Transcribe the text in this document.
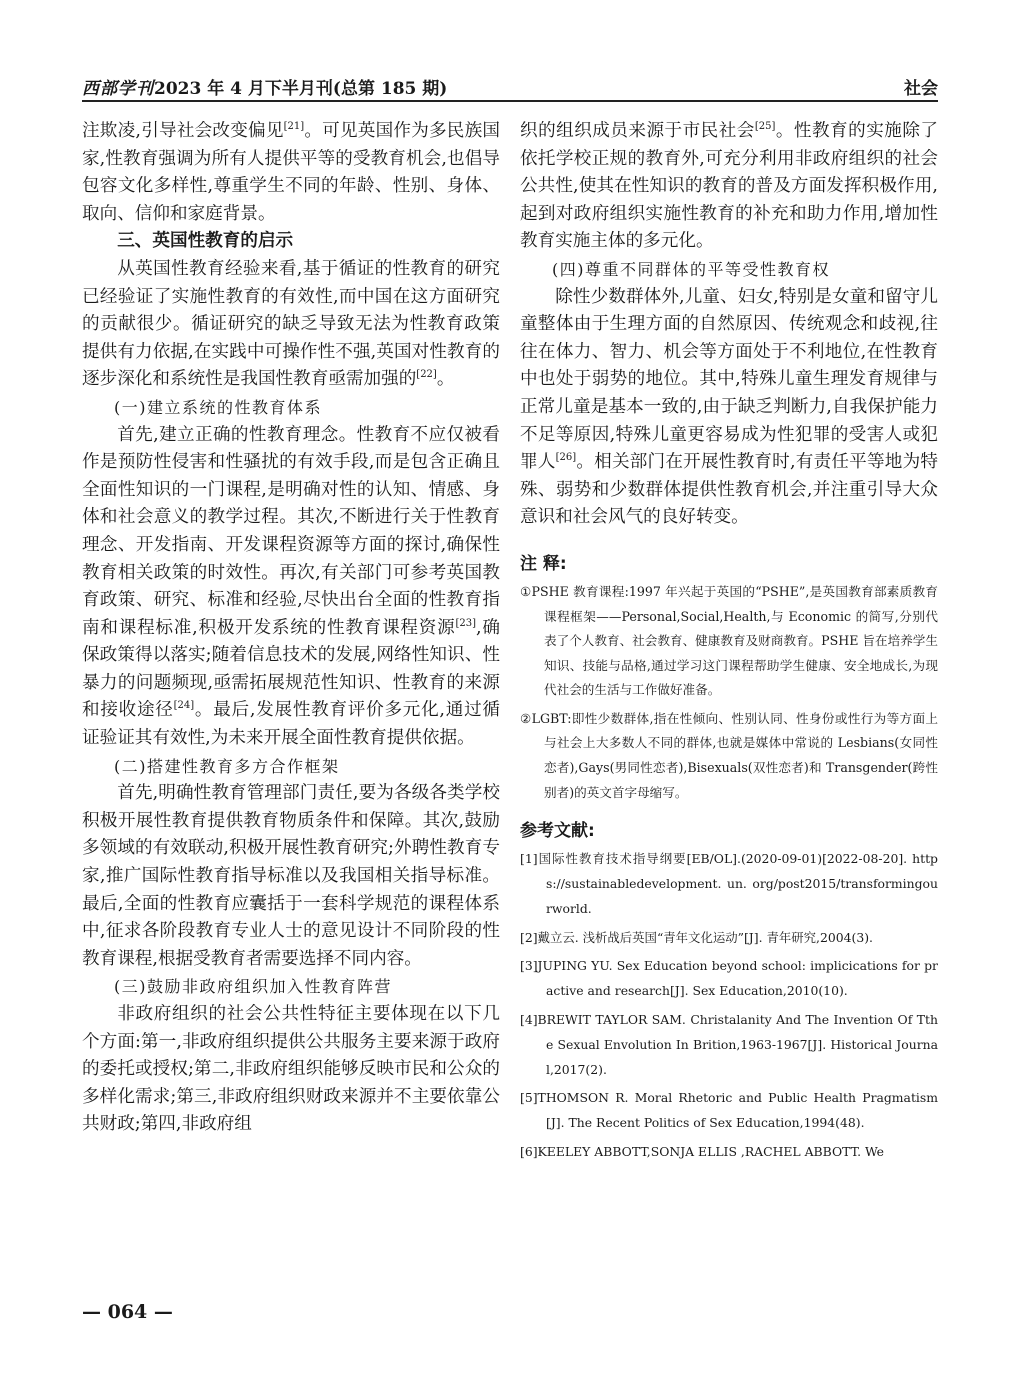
西部学刊 2023 年 4 月下半月刊(总第 185 期)	社会

注欺凌,引导社会改变偏见[21]。可见英国作为多民族国家,性教育强调为所有人提供平等的受教育机会,也倡导包容文化多样性,尊重学生不同的年龄、性别、身体、取向、信仰和家庭背景。

三、英国性教育的启示

从英国性教育经验来看,基于循证的性教育的研究已经验证了实施性教育的有效性,而中国在这方面研究的贡献很少。循证研究的缺乏导致无法为性教育政策提供有力依据,在实践中可操作性不强,英国对性教育的逐步深化和系统性是我国性教育亟需加强的[22]。

(一)建立系统的性教育体系

首先,建立正确的性教育理念。性教育不应仅被看作是预防性侵害和性骚扰的有效手段,而是包含正确且全面性知识的一门课程,是明确对性的认知、情感、身体和社会意义的教学过程。其次,不断进行关于性教育理念、开发指南、开发课程资源等方面的探讨,确保性教育相关政策的时效性。再次,有关部门可参考英国教育政策、研究、标准和经验,尽快出台全面的性教育指南和课程标准,积极开发系统的性教育课程资源[23],确保政策得以落实;随着信息技术的发展,网络性知识、性暴力的问题频现,亟需拓展规范性知识、性教育的来源和接收途径[24]。最后,发展性教育评价多元化,通过循证验证其有效性,为未来开展全面性教育提供依据。

(二)搭建性教育多方合作框架

首先,明确性教育管理部门责任,要为各级各类学校积极开展性教育提供教育物质条件和保障。其次,鼓励多领域的有效联动,积极开展性教育研究;外聘性教育专家,推广国际性教育指导标准以及我国相关指导标准。最后,全面的性教育应囊括于一套科学规范的课程体系中,征求各阶段教育专业人士的意见设计不同阶段的性教育课程,根据受教育者需要选择不同内容。

(三)鼓励非政府组织加入性教育阵营

非政府组织的社会公共性特征主要体现在以下几个方面:第一,非政府组织提供公共服务主要来源于政府的委托或授权;第二,非政府组织能够反映市民和公众的多样化需求;第三,非政府组织财政来源并不主要依靠公共财政;第四,非政府组

织的组织成员来源于市民社会[25]。性教育的实施除了依托学校正规的教育外,可充分利用非政府组织的社会公共性,使其在性知识的教育的普及方面发挥积极作用,起到对政府组织实施性教育的补充和助力作用,增加性教育实施主体的多元化。

(四)尊重不同群体的平等受性教育权

除性少数群体外,儿童、妇女,特别是女童和留守儿童整体由于生理方面的自然原因、传统观念和歧视,往往在体力、智力、机会等方面处于不利地位,在性教育中也处于弱势的地位。其中,特殊儿童生理发育规律与正常儿童是基本一致的,由于缺乏判断力,自我保护能力不足等原因,特殊儿童更容易成为性犯罪的受害人或犯罪人[26]。相关部门在开展性教育时,有责任平等地为特殊、弱势和少数群体提供性教育机会,并注重引导大众意识和社会风气的良好转变。

注 释:

①PSHE 教育课程:1997 年兴起于英国的“PSHE”,是英国教育部素质教育课程框架——Personal,Social,Health,与 Economic 的简写,分别代表了个人教育、社会教育、健康教育及财商教育。PSHE 旨在培养学生知识、技能与品格,通过学习这门课程帮助学生健康、安全地成长,为现代社会的生活与工作做好准备。

②LGBT:即性少数群体,指在性倾向、性别认同、性身份或性行为等方面上与社会上大多数人不同的群体,也就是媒体中常说的 Lesbians(女同性恋者),Gays(男同性恋者),Bisexuals(双性恋者)和 Transgender(跨性别者)的英文首字母缩写。

参考文献:

[1]国际性教育技术指导纲要[EB/OL].(2020-09-01)[2022-08-20]. https://sustainabledevelopment. un. org/post2015/transformingourworld.

[2]戴立云. 浅析战后英国“青年文化运动”[J]. 青年研究,2004(3).

[3]JUPING YU. Sex Education beyond school: implicications for practive and research[J]. Sex Education,2010(10).

[4]BREWIT TAYLOR SAM. Christalanity And The Invention Of Tthe Sexual Envolution In Brition,1963-1967[J]. Historical Journal,2017(2).

[5]THOMSON R. Moral Rhetoric and Public Health Pragmatism[J]. The Recent Politics of Sex Education,1994(48).

[6]KEELEY ABBOTT,SONJA ELLIS ,RACHEL ABBOTT. We

— 064 —
